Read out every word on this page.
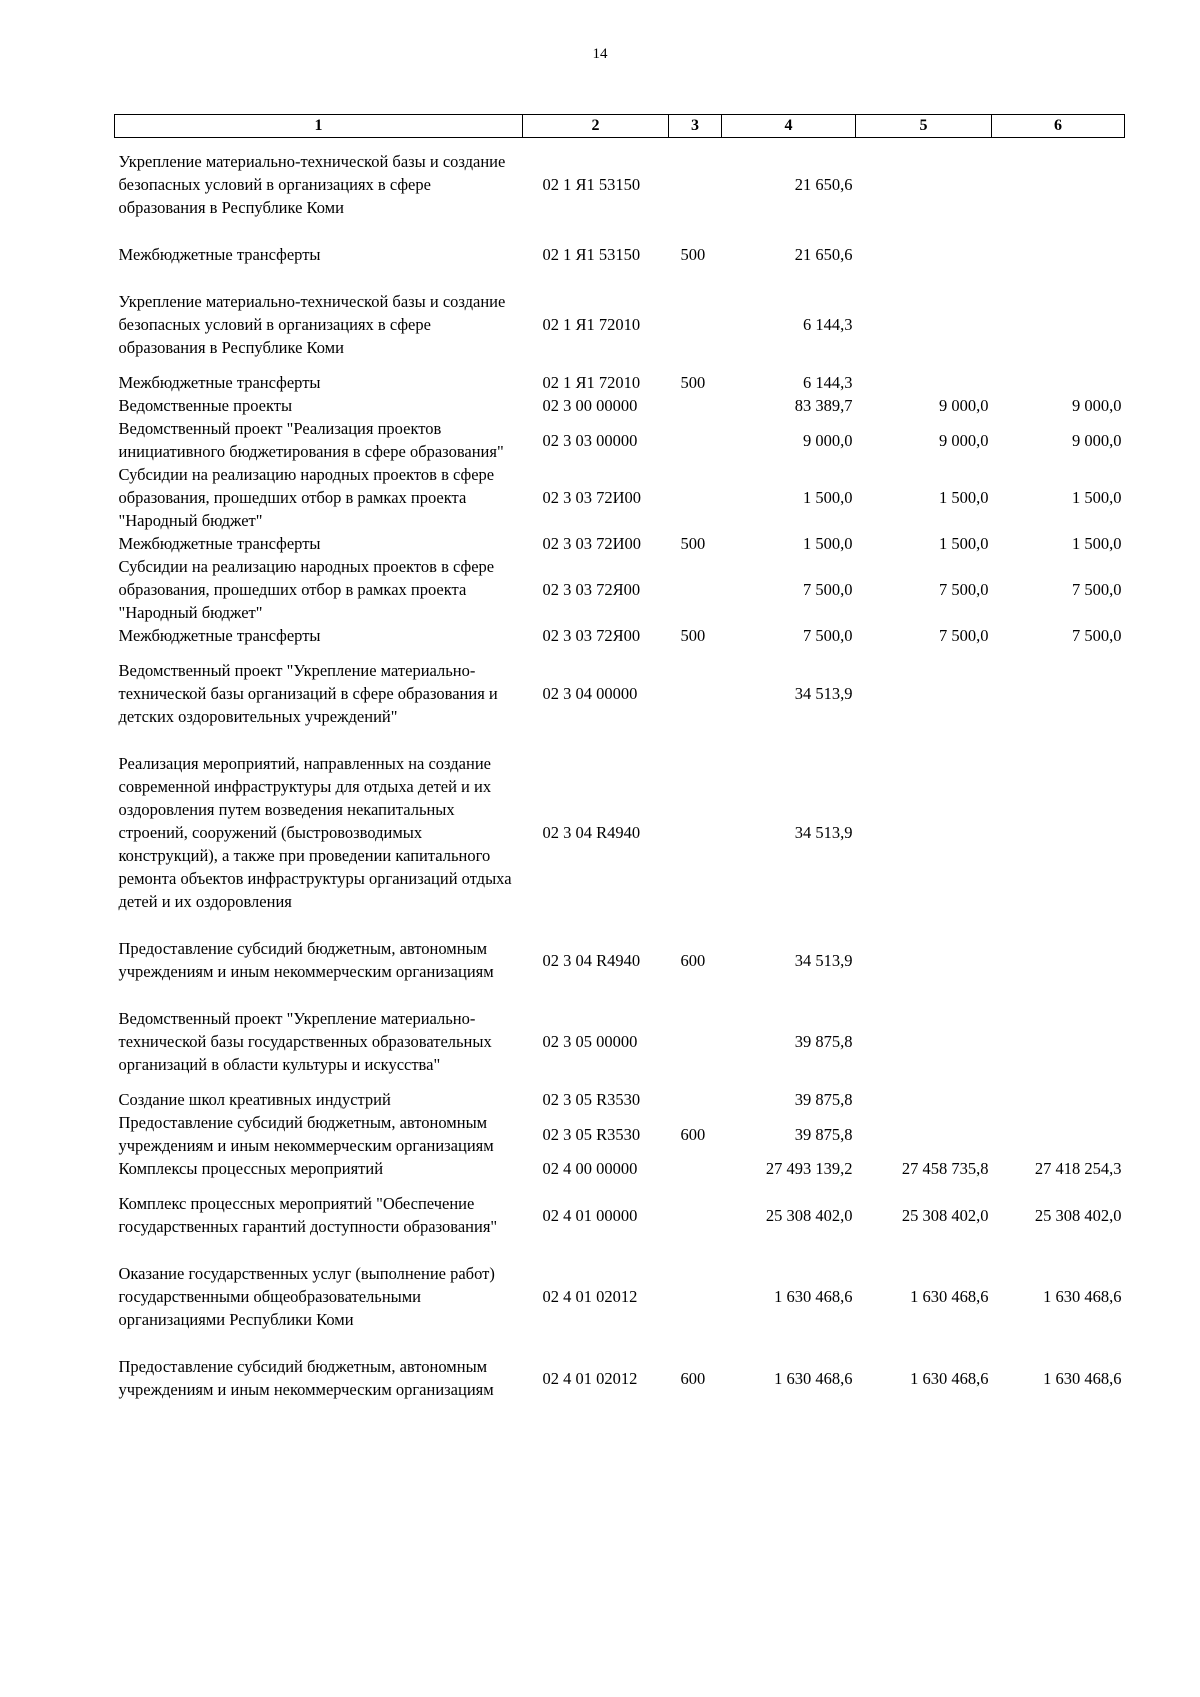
14
1	2	3	4	5	6
Укрепление материально-технической базы и создание безопасных условий в организациях в сфере образования в Республике Коми	02 1 Я1 53150		21 650,6		
Межбюджетные трансферты	02 1 Я1 53150	500	21 650,6		
Укрепление материально-технической базы и создание безопасных условий в организациях в сфере образования в Республике Коми	02 1 Я1 72010		6 144,3		
Межбюджетные трансферты	02 1 Я1 72010	500	6 144,3		
Ведомственные проекты	02 3 00 00000		83 389,7	9 000,0	9 000,0
Ведомственный проект "Реализация проектов инициативного бюджетирования в сфере образования"	02 3 03 00000		9 000,0	9 000,0	9 000,0
Субсидии на реализацию народных проектов в сфере образования, прошедших отбор в рамках проекта "Народный бюджет"	02 3 03 72И00		1 500,0	1 500,0	1 500,0
Межбюджетные трансферты	02 3 03 72И00	500	1 500,0	1 500,0	1 500,0
Субсидии на реализацию народных проектов в сфере образования, прошедших отбор в рамках проекта "Народный бюджет"	02 3 03 72Я00		7 500,0	7 500,0	7 500,0
Межбюджетные трансферты	02 3 03 72Я00	500	7 500,0	7 500,0	7 500,0
Ведомственный проект "Укрепление материально-технической базы организаций в сфере образования и детских оздоровительных учреждений"	02 3 04 00000		34 513,9		
Реализация мероприятий, направленных на создание современной инфраструктуры для отдыха детей и их оздоровления путем возведения некапитальных строений, сооружений (быстровозводимых конструкций), а также при проведении капитального ремонта объектов инфраструктуры организаций отдыха детей и их оздоровления	02 3 04 R4940		34 513,9		
Предоставление субсидий бюджетным, автономным учреждениям и иным некоммерческим организациям	02 3 04 R4940	600	34 513,9		
Ведомственный проект "Укрепление материально-технической базы государственных образовательных организаций в области культуры и искусства"	02 3 05 00000		39 875,8		
Создание школ креативных индустрий	02 3 05 R3530		39 875,8		
Предоставление субсидий бюджетным, автономным учреждениям и иным некоммерческим организациям	02 3 05 R3530	600	39 875,8		
Комплексы процессных мероприятий	02 4 00 00000		27 493 139,2	27 458 735,8	27 418 254,3
Комплекс процессных мероприятий "Обеспечение государственных гарантий доступности образования"	02 4 01 00000		25 308 402,0	25 308 402,0	25 308 402,0
Оказание государственных услуг (выполнение работ) государственными общеобразовательными организациями Республики Коми	02 4 01 02012		1 630 468,6	1 630 468,6	1 630 468,6
Предоставление субсидий бюджетным, автономным учреждениям и иным некоммерческим организациям	02 4 01 02012	600	1 630 468,6	1 630 468,6	1 630 468,6
